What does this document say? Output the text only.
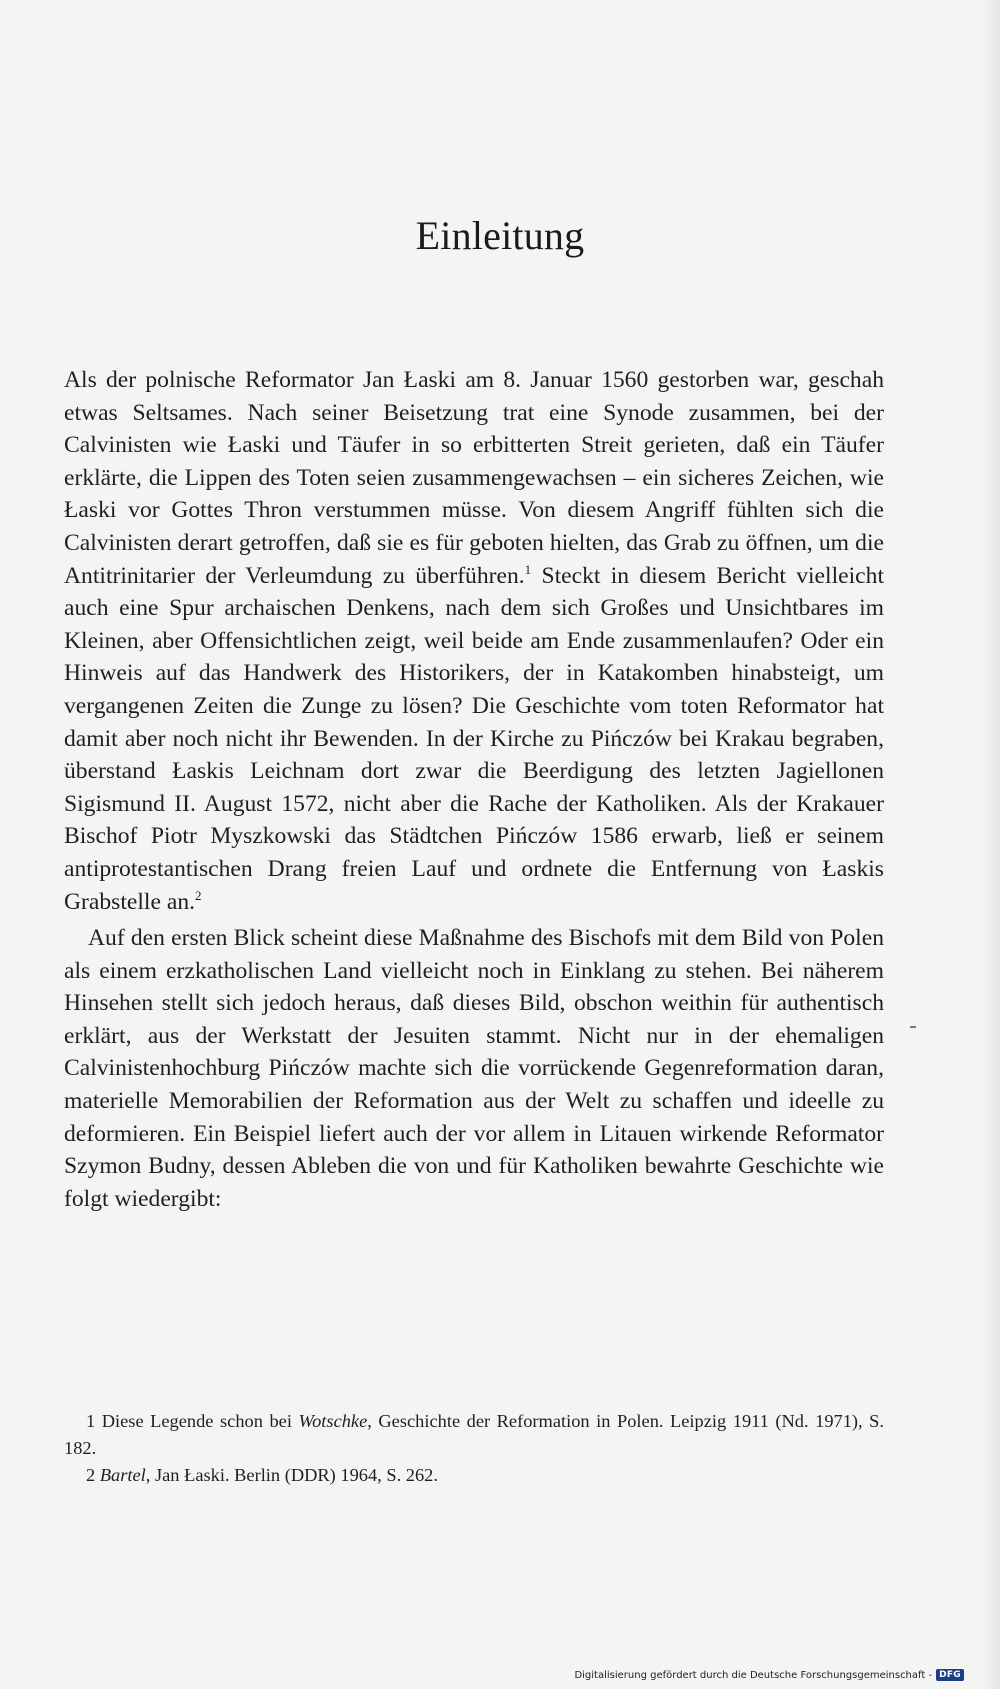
Einleitung

Als der polnische Reformator Jan Łaski am 8. Januar 1560 gestorben war, geschah etwas Seltsames. Nach seiner Beisetzung trat eine Synode zusammen, bei der Calvinisten wie Łaski und Täufer in so erbitterten Streit gerieten, daß ein Täufer erklärte, die Lippen des Toten seien zusammengewachsen – ein sicheres Zeichen, wie Łaski vor Gottes Thron verstummen müsse. Von diesem Angriff fühlten sich die Calvinisten derart getroffen, daß sie es für geboten hielten, das Grab zu öffnen, um die Antitrinitarier der Verleumdung zu überführen.$^1$ Steckt in diesem Bericht vielleicht auch eine Spur archaischen Denkens, nach dem sich Großes und Unsichtbares im Kleinen, aber Offensichtlichen zeigt, weil beide am Ende zusammenlaufen? Oder ein Hinweis auf das Handwerk des Historikers, der in Katakomben hinabsteigt, um vergangenen Zeiten die Zunge zu lösen? Die Geschichte vom toten Reformator hat damit aber noch nicht ihr Bewenden. In der Kirche zu Pińczów bei Krakau begraben, überstand Łaskis Leichnam dort zwar die Beerdigung des letzten Jagiellonen Sigismund II. August 1572, nicht aber die Rache der Katholiken. Als der Krakauer Bischof Piotr Myszkowski das Städtchen Pińczów 1586 erwarb, ließ er seinem antiprotestantischen Drang freien Lauf und ordnete die Entfernung von Łaskis Grabstelle an.$^2$

Auf den ersten Blick scheint diese Maßnahme des Bischofs mit dem Bild von Polen als einem erzkatholischen Land vielleicht noch in Einklang zu stehen. Bei näherem Hinsehen stellt sich jedoch heraus, daß dieses Bild, obschon weithin für authentisch erklärt, aus der Werkstatt der Jesuiten stammt. Nicht nur in der ehemaligen Calvinistenhochburg Pińczów machte sich die vorrückende Gegenreformation daran, materielle Memorabilien der Reformation aus der Welt zu schaffen und ideelle zu deformieren. Ein Beispiel liefert auch der vor allem in Litauen wirkende Reformator Szymon Budny, dessen Ableben die von und für Katholiken bewahrte Geschichte wie folgt wiedergibt:

1 Diese Legende schon bei Wotschke, Geschichte der Reformation in Polen. Leipzig 1911 (Nd. 1971), S. 182.

2 Bartel, Jan Łaski. Berlin (DDR) 1964, S. 262.

Digitalisierung gefördert durch die Deutsche Forschungsgemeinschaft - DFG
